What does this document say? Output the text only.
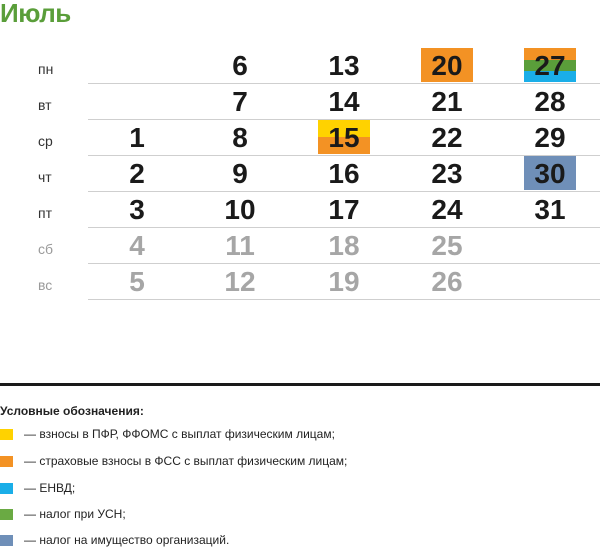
Июль
пн
вт
ср
чт
пт
сб
вс
1
2
3
4
5
6
7
8
9
10
11
12
13
14
15
16
17
18
19
20
21
22
23
24
25
26
27
28
29
30
31
Условные обозначения:
— взносы в ПФР, ФФОМС с выплат физическим лицам;
— страховые взносы в ФСС с выплат физическим лицам;
— ЕНВД;
— налог при УСН;
— налог на имущество организаций.
